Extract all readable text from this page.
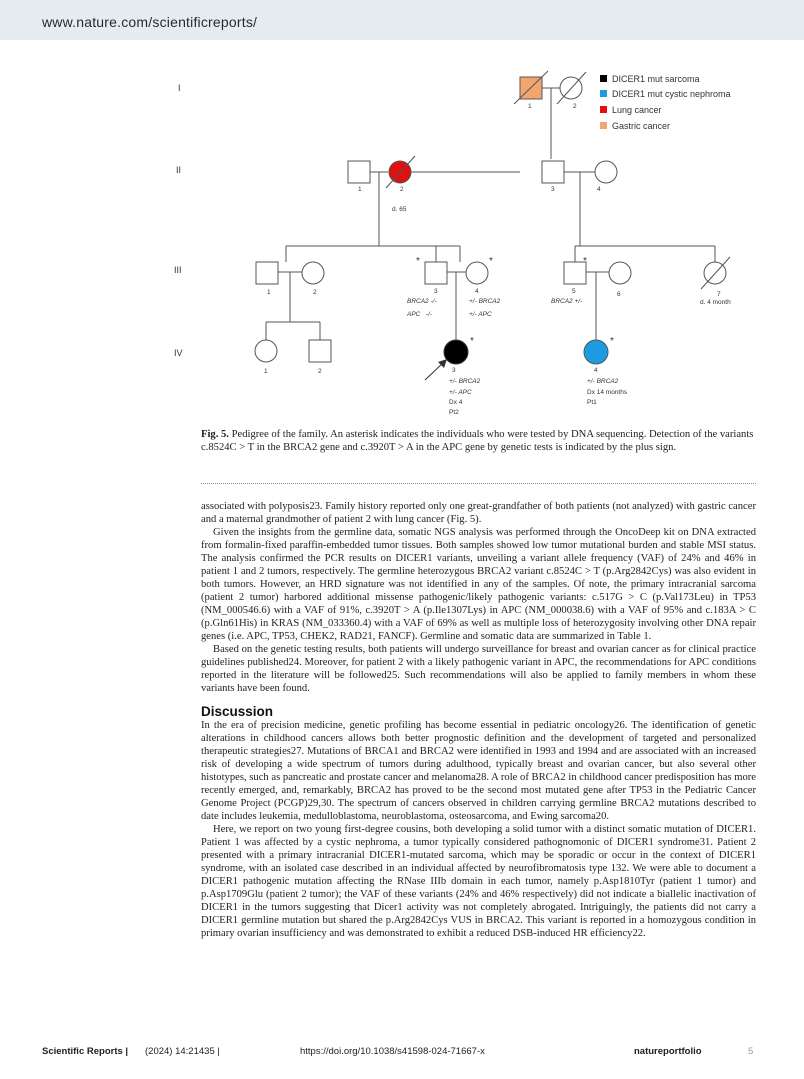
www.nature.com/scientificreports/
I
II
III
IV
1	2
1	2
d. 65
3	4
1	2	3	4	5	6	7
d. 4 month
1	2	3	4
BRCA2 -/-
APC   -/-
+/- BRCA2
+/- APC
BRCA2 +/-
+/- BRCA2
+/- APC
+/- BRCA2
Dx 4
Pt2
Dx 14 months
Pt1
*	*	*
*	*
DICER1 mut sarcoma
DICER1 mut cystic nephroma
Lung cancer
Gastric cancer
Fig. 5. Pedigree of the family. An asterisk indicates the individuals who were tested by DNA sequencing. Detection of the variants c.8524C > T in the BRCA2 gene and c.3920T > A in the APC gene by genetic tests is indicated by the plus sign.

associated with polyposis23. Family history reported only one great-grandfather of both patients (not analyzed) with gastric cancer and a maternal grandmother of patient 2 with lung cancer (Fig. 5).

Given the insights from the germline data, somatic NGS analysis was performed through the OncoDeep kit on DNA extracted from formalin-fixed paraffin-embedded tumor tissues. Both samples showed low tumor mutational burden and stable MSI status. The analysis confirmed the PCR results on DICER1 variants, unveiling a variant allele frequency (VAF) of 24% and 46% in patient 1 and 2 tumors, respectively. The germline heterozygous BRCA2 variant c.8524C > T (p.Arg2842Cys) was also evident in both tumors. However, an HRD signature was not identified in any of the samples. Of note, the primary intracranial sarcoma (patient 2 tumor) harbored additional missense pathogenic/likely pathogenic variants: c.517G > C (p.Val173Leu) in TP53 (NM_000546.6) with a VAF of 91%, c.3920T > A (p.Ile1307Lys) in APC (NM_000038.6) with a VAF of 95% and c.183A > C (p.Gln61His) in KRAS (NM_033360.4) with a VAF of 69% as well as multiple loss of heterozygosity involving other DNA repair genes (i.e. APC, TP53, CHEK2, RAD21, FANCF). Germline and somatic data are summarized in Table 1.

Based on the genetic testing results, both patients will undergo surveillance for breast and ovarian cancer as for clinical practice guidelines published24. Moreover, for patient 2 with a likely pathogenic variant in APC, the recommendations for APC conditions reported in the literature will be followed25. Such recommendations will also be applied to family members in whom these variants have been found.

Discussion

In the era of precision medicine, genetic profiling has become essential in pediatric oncology26. The identification of genetic alterations in childhood cancers allows both better prognostic definition and the development of targeted and personalized therapeutic strategies27. Mutations of BRCA1 and BRCA2 were identified in 1993 and 1994 and are associated with an increased risk of developing a wide spectrum of tumors during adulthood, typically breast and ovarian cancer, but also several other histotypes, such as pancreatic and prostate cancer and melanoma28. A role of BRCA2 in childhood cancer predisposition has more recently emerged, and, remarkably, BRCA2 has proved to be the second most mutated gene after TP53 in the Pediatric Cancer Genome Project (PCGP)29,30. The spectrum of cancers observed in children carrying germline BRCA2 mutations described to date includes leukemia, medulloblastoma, neuroblastoma, osteosarcoma, and Ewing sarcoma20.

Here, we report on two young first-degree cousins, both developing a solid tumor with a distinct somatic mutation of DICER1. Patient 1 was affected by a cystic nephroma, a tumor typically considered pathognomonic of DICER1 syndrome31. Patient 2 presented with a primary intracranial DICER1-mutated sarcoma, which may be sporadic or occur in the context of DICER1 syndrome, with an isolated case described in an individual affected by neurofibromatosis type 132. We were able to document a DICER1 pathogenic mutation affecting the RNase IIIb domain in each tumor, namely p.Asp1810Tyr (patient 1 tumor) and p.Asp1709Glu (patient 2 tumor); the VAF of these variants (24% and 46% respectively) did not indicate a biallelic inactivation of DICER1 in the tumors suggesting that Dicer1 activity was not completely abrogated. Intriguingly, the patients did not carry a DICER1 germline mutation but shared the p.Arg2842Cys VUS in BRCA2. This variant is reported in a homozygous condition in primary ovarian insufficiency and was demonstrated to exhibit a reduced DSB-induced HR efficiency22.

Scientific Reports | (2024) 14:21435 |	https://doi.org/10.1038/s41598-024-71667-x	natureportfolio	5
